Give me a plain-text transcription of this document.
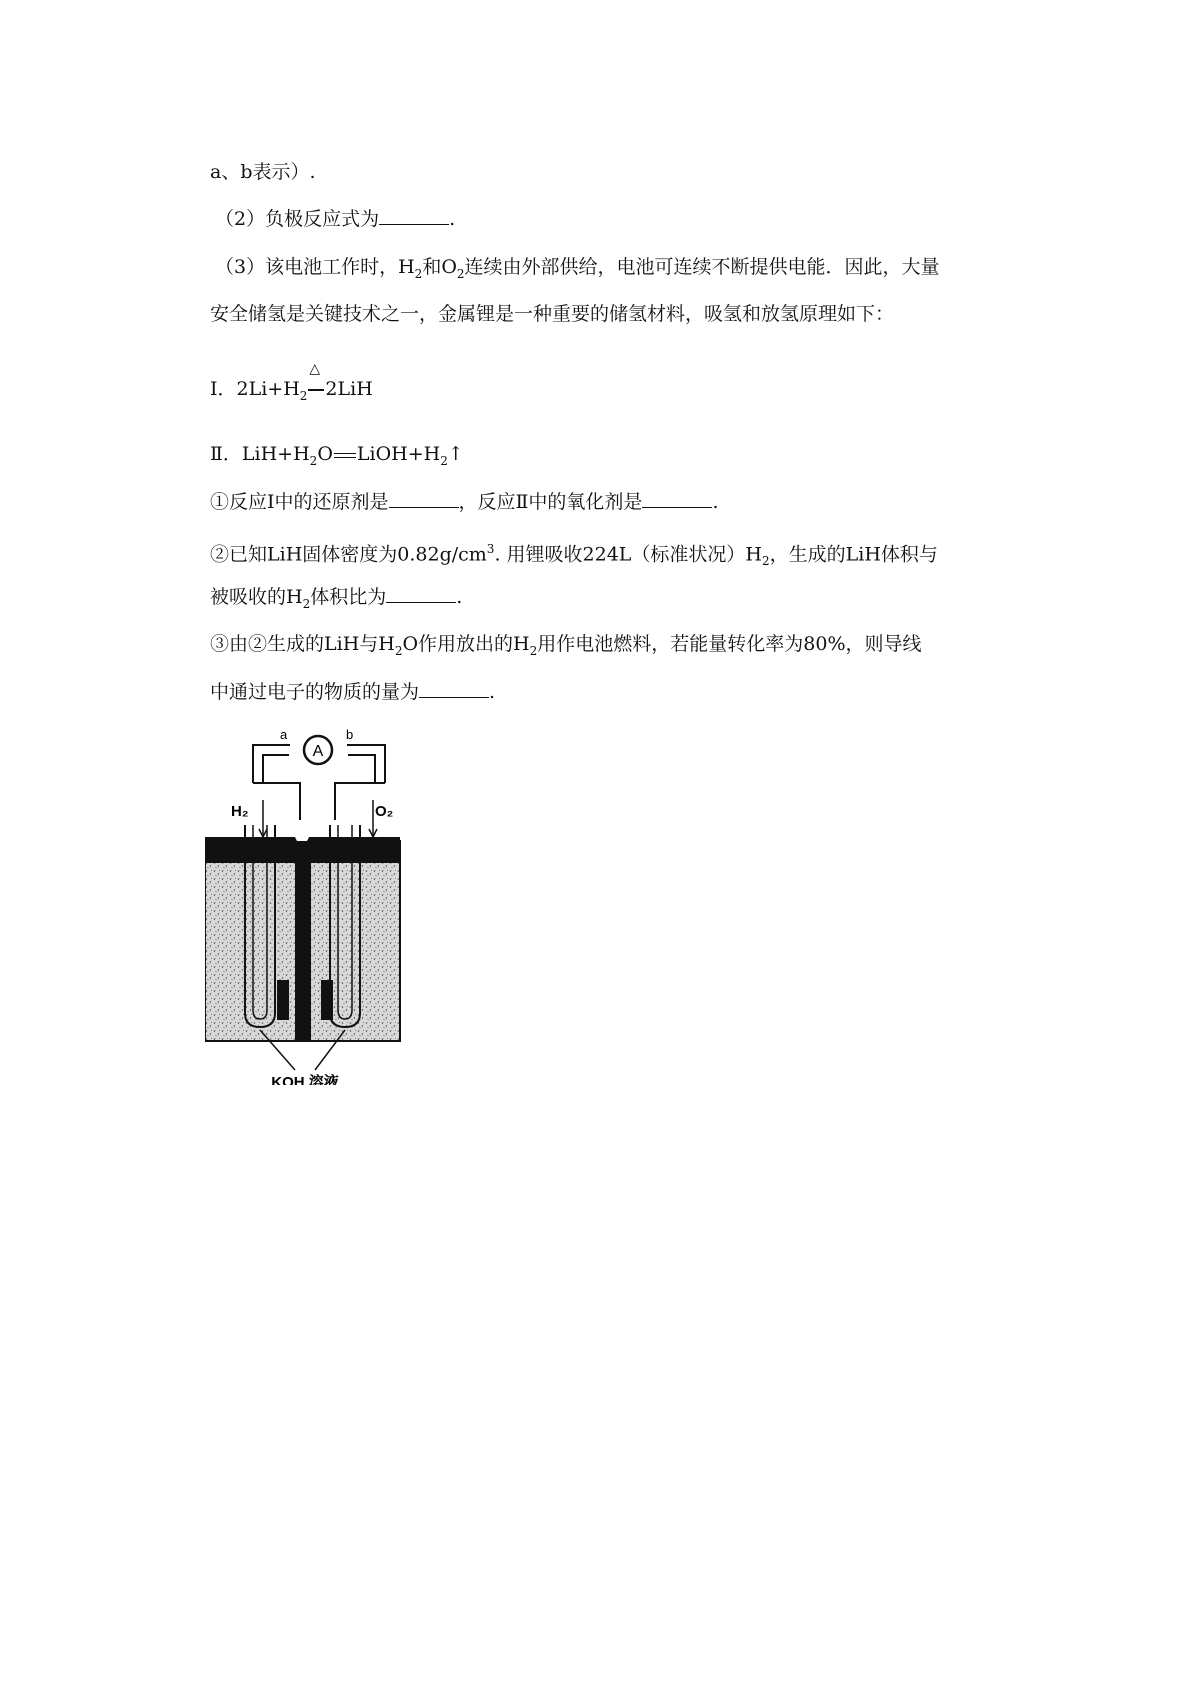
a、b表示）.
（2）负极反应式为	.
（3）该电池工作时，$H_2$和$O_2$连续由外部供给，电池可连续不断提供电能．因此，大量
安全储氢是关键技术之一，金属锂是一种重要的储氢材料，吸氢和放氢原理如下：
Ⅰ．$2Li+H_2$
△
2LiH
Ⅱ．$LiH+H_2O$ $LiOH+H_2↑$
①反应Ⅰ中的还原剂是	，反应Ⅱ中的氧化剂是	.
②已知LiH固体密度为$0.82g/cm^3$. 用锂吸收224L（标准状况）$H_2$，生成的LiH体积与
被吸收的$H_2$体积比为	.
③由②生成的LiH与$H_2O$作用放出的$H_2$用作电池燃料，若能量转化率为80%，则导线
中通过电子的物质的量为	.
A
a	b
H₂	O₂
KOH 溶液
